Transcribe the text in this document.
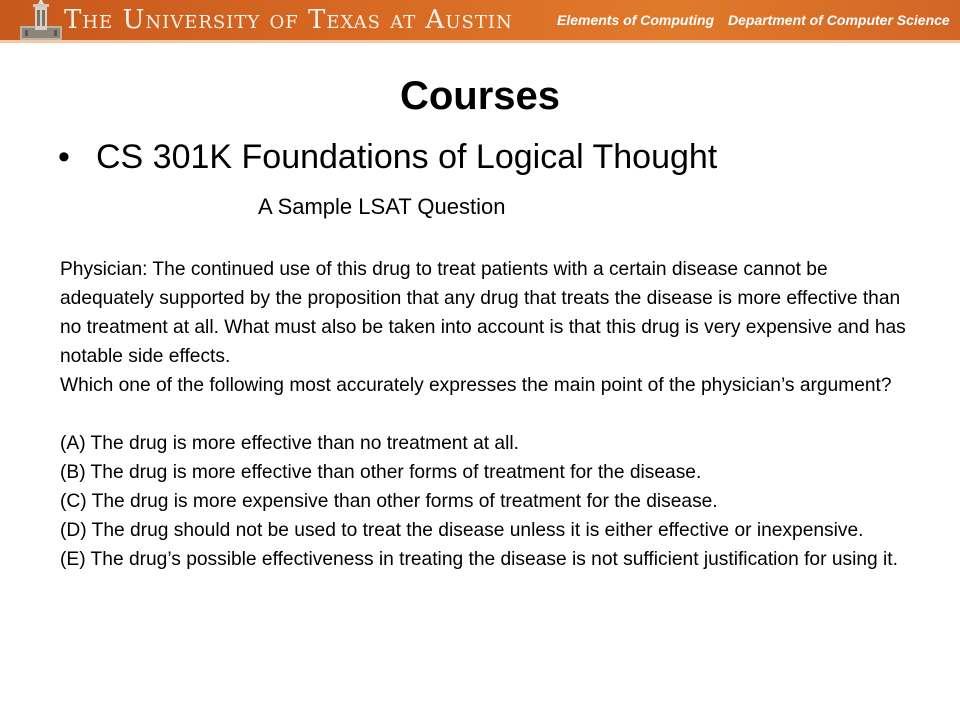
The University of Texas at Austin	Elements of Computing Department of Computer Science
Courses
• CS 301K Foundations of Logical Thought
A Sample LSAT Question

Physician: The continued use of this drug to treat patients with a certain disease cannot be adequately supported by the proposition that any drug that treats the disease is more effective than no treatment at all. What must also be taken into account is that this drug is very expensive and has notable side effects.

Which one of the following most accurately expresses the main point of the physician’s argument?

(A) The drug is more effective than no treatment at all.

(B) The drug is more effective than other forms of treatment for the disease.

(C) The drug is more expensive than other forms of treatment for the disease.

(D) The drug should not be used to treat the disease unless it is either effective or inexpensive.

(E) The drug’s possible effectiveness in treating the disease is not sufficient justification for using it.
